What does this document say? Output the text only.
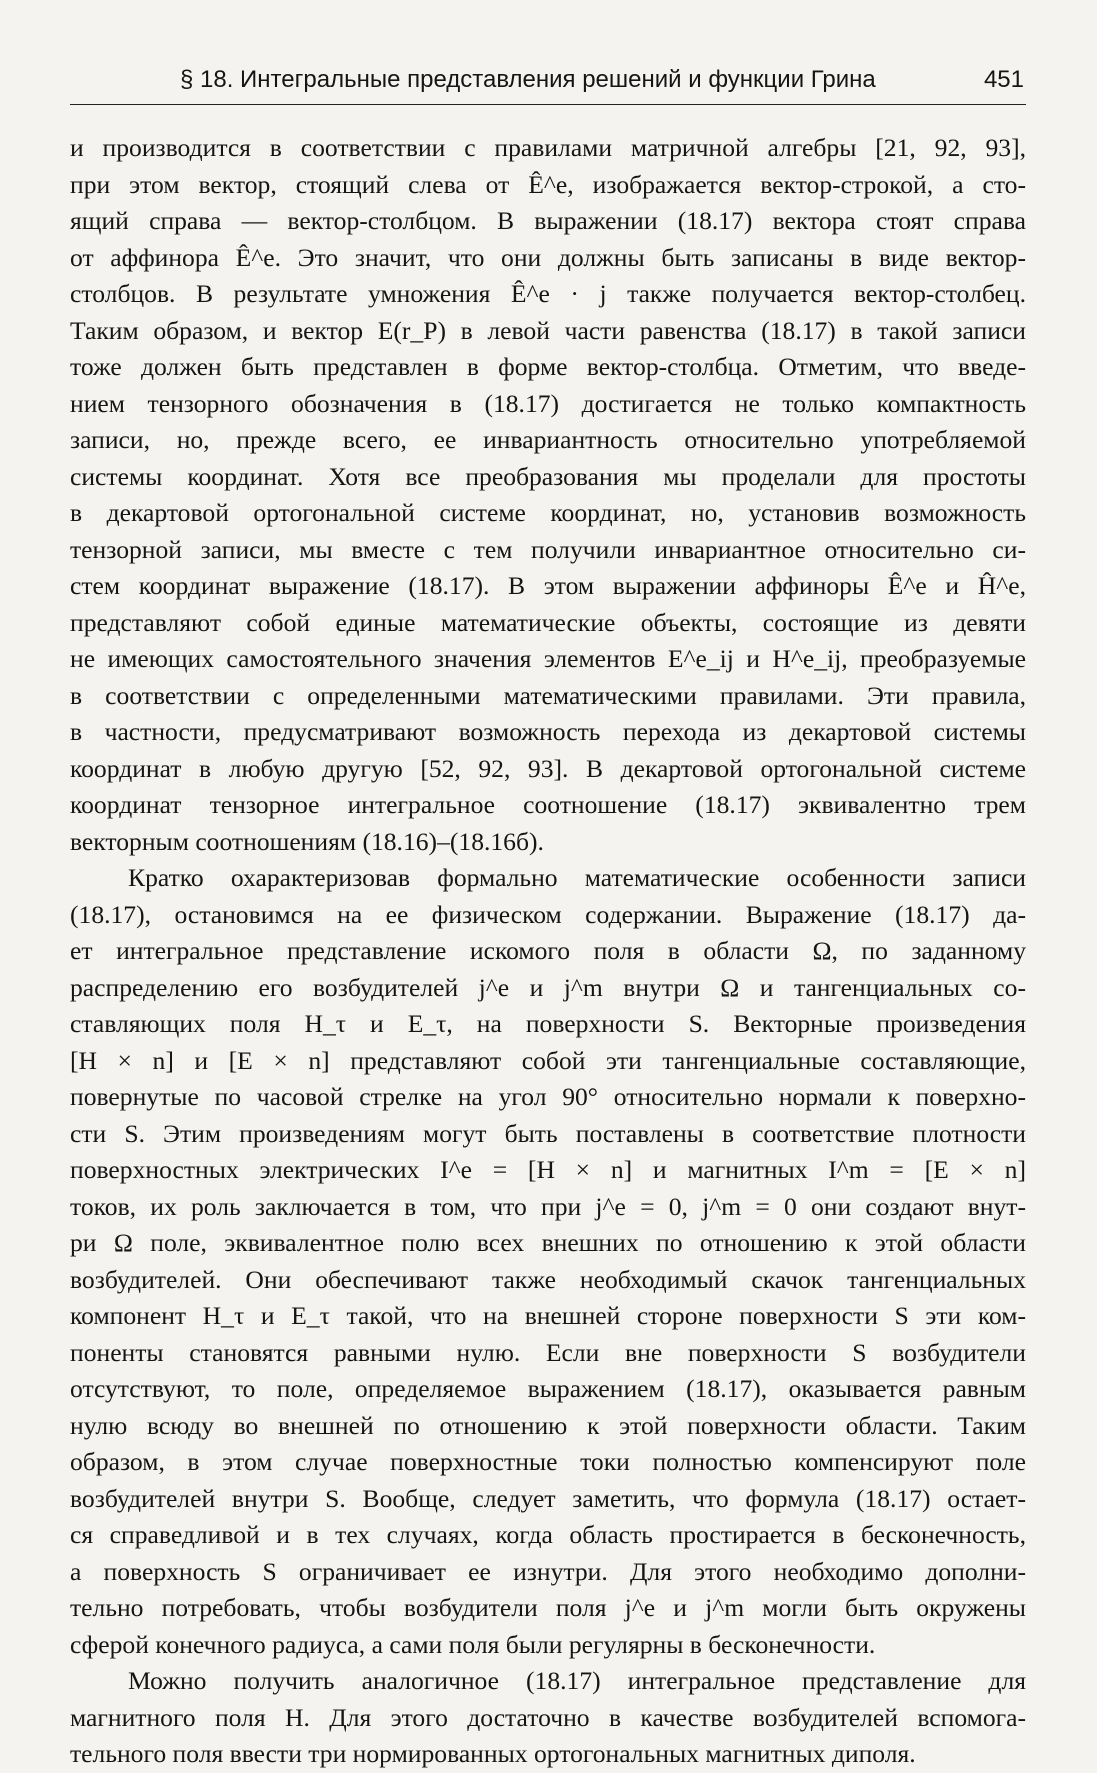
§ 18. Интегральные представления решений и функции Грина	451
и производится в соответствии с правилами матричной алгебры [21, 92, 93],
при этом вектор, стоящий слева от Ê^e, изображается вектор-строкой, а сто-
ящий справа — вектор-столбцом. В выражении (18.17) вектора стоят справа
от аффинора Ê^e. Это значит, что они должны быть записаны в виде вектор-
столбцов. В результате умножения Ê^e · j также получается вектор-столбец.
Таким образом, и вектор E(r_P) в левой части равенства (18.17) в такой записи
тоже должен быть представлен в форме вектор-столбца. Отметим, что введе-
нием тензорного обозначения в (18.17) достигается не только компактность
записи, но, прежде всего, ее инвариантность относительно употребляемой
системы координат. Хотя все преобразования мы проделали для простоты
в декартовой ортогональной системе координат, но, установив возможность
тензорной записи, мы вместе с тем получили инвариантное относительно си-
стем координат выражение (18.17). В этом выражении аффиноры Ê^e и Ĥ^e,
представляют собой единые математические объекты, состоящие из девяти
не имеющих самостоятельного значения элементов E^e_ij и H^e_ij, преобразуемые
в соответствии с определенными математическими правилами. Эти правила,
в частности, предусматривают возможность перехода из декартовой системы
координат в любую другую [52, 92, 93]. В декартовой ортогональной системе
координат тензорное интегральное соотношение (18.17) эквивалентно трем
векторным соотношениям (18.16)–(18.16б).
Кратко охарактеризовав формально математические особенности записи
(18.17), остановимся на ее физическом содержании. Выражение (18.17) да-
ет интегральное представление искомого поля в области Ω, по заданному
распределению его возбудителей j^e и j^m внутри Ω и тангенциальных со-
ставляющих поля H_τ и E_τ, на поверхности S. Векторные произведения
[H × n] и [E × n] представляют собой эти тангенциальные составляющие,
повернутые по часовой стрелке на угол 90° относительно нормали к поверхно-
сти S. Этим произведениям могут быть поставлены в соответствие плотности
поверхностных электрических I^e = [H × n] и магнитных I^m = [E × n]
токов, их роль заключается в том, что при j^e = 0, j^m = 0 они создают внут-
ри Ω поле, эквивалентное полю всех внешних по отношению к этой области
возбудителей. Они обеспечивают также необходимый скачок тангенциальных
компонент H_τ и E_τ такой, что на внешней стороне поверхности S эти ком-
поненты становятся равными нулю. Если вне поверхности S возбудители
отсутствуют, то поле, определяемое выражением (18.17), оказывается равным
нулю всюду во внешней по отношению к этой поверхности области. Таким
образом, в этом случае поверхностные токи полностью компенсируют поле
возбудителей внутри S. Вообще, следует заметить, что формула (18.17) остает-
ся справедливой и в тех случаях, когда область простирается в бесконечность,
а поверхность S ограничивает ее изнутри. Для этого необходимо дополни-
тельно потребовать, чтобы возбудители поля j^e и j^m могли быть окружены
сферой конечного радиуса, а сами поля были регулярны в бесконечности.
Можно получить аналогичное (18.17) интегральное представление для
магнитного поля H. Для этого достаточно в качестве возбудителей вспомога-
тельного поля ввести три нормированных ортогональных магнитных диполя.
